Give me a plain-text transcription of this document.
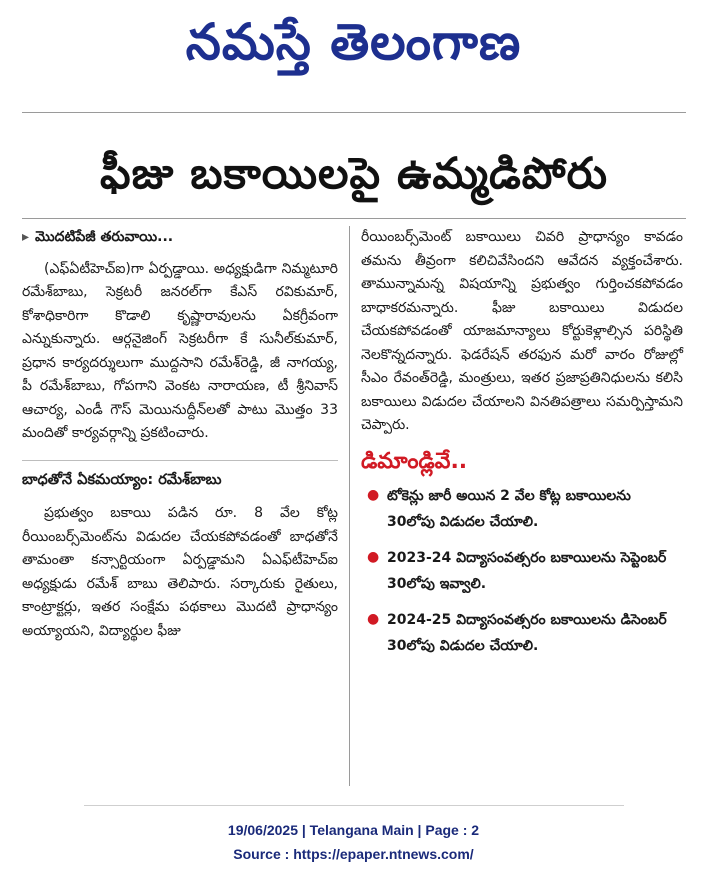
నమస్తే తెలంగాణ
ఫీజు బకాయిలపై ఉమ్మడిపోరు
▸ మొదటిపేజీ తరువాయి...

(ఎఫ్ఏటీహెచ్ఐ)గా ఏర్పడ్డాయి. అధ్యక్షుడిగా నిమ్మటూరి రమేశ్‌బాబు, సెక్రటరీ జనరల్‌గా కేఎస్ రవికుమార్, కోశాధికారిగా కొడాలి కృష్ణారావులను ఏకగ్రీవంగా ఎన్నుకున్నారు. ఆర్గనైజింగ్ సెక్రటరీగా కే సునీల్‌కుమార్, ప్రధాన కార్యదర్శులుగా ముద్దసాని రమేశ్‌రెడ్డి, జీ నాగయ్య, పీ రమేశ్‌బాబు, గోపగాని వెంకట నారాయణ, టీ శ్రీనివాస్ ఆచార్య, ఎండీ గౌస్ మెయినుద్దీన్‌లతో పాటు మొత్తం 33 మందితో కార్యవర్గాన్ని ప్రకటించారు.

బాధతోనే ఏకమయ్యాం: రమేశ్‌బాబు

ప్రభుత్వం బకాయి పడిన రూ. 8 వేల కోట్ల రీయింబర్స్‌మెంట్‌ను విడుదల చేయకపోవడంతో బాధతోనే తామంతా కన్సార్టియంగా ఏర్పడ్డామని ఏఎఫ్‌టీహెచ్ఐ అధ్యక్షుడు రమేశ్ బాబు తెలిపారు. సర్కారుకు రైతులు, కాంట్రాక్టర్లు, ఇతర సంక్షేమ పథకాలు మొదటి ప్రాధాన్యం అయ్యాయని, విద్యార్థుల ఫీజు

రీయింబర్స్‌మెంట్ బకాయిలు చివరి ప్రాధాన్యం కావడం తమను తీవ్రంగా కలిచివేసిందని ఆవేదన వ్యక్తంచేశారు. తామున్నామన్న విషయాన్ని ప్రభుత్వం గుర్తించకపోవడం బాధాకరమన్నారు. ఫీజు బకాయిలు విడుదల చేయకపోవడంతో యాజమాన్యాలు కోర్టుకెళ్లాల్సిన పరిస్థితి నెలకొన్నదన్నారు. ఫెడరేషన్ తరఫున మరో వారం రోజుల్లో సీఎం రేవంత్‌రెడ్డి, మంత్రులు, ఇతర ప్రజాప్రతినిధులను కలిసి బకాయిలు విడుదల చేయాలని వినతిపత్రాలు సమర్పిస్తామని చెప్పారు.

డిమాండ్లివే..
● టోకెన్లు జారీ అయిన 2 వేల కోట్ల బకాయిలను 30లోపు విడుదల చేయాలి.
● 2023-24 విద్యాసంవత్సరం బకాయిలను సెప్టెంబర్ 30లోపు ఇవ్వాలి.
● 2024-25 విద్యాసంవత్సరం బకాయిలను డిసెంబర్ 30లోపు విడుదల చేయాలి.
19/06/2025 | Telangana Main | Page : 2
Source : https://epaper.ntnews.com/
